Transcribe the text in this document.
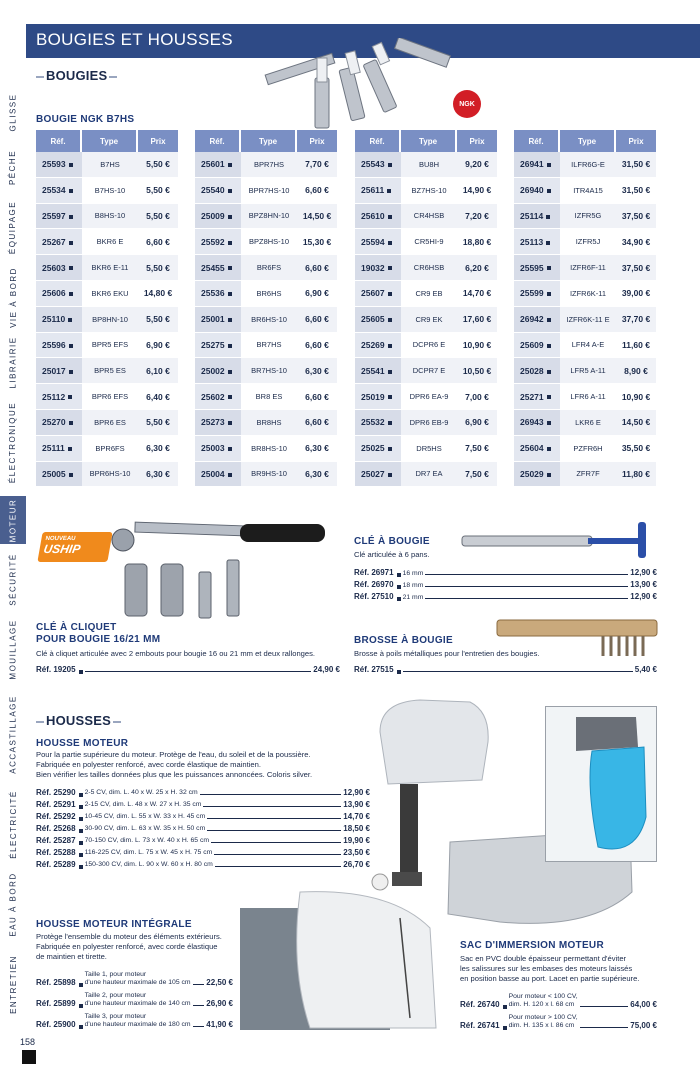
GLISSE
PÊCHE
ÉQUIPAGE
VIE À BORD
LIBRAIRIE
ÉLECTRONIQUE
MOTEUR
SÉCURITÉ
MOUILLAGE
ACCASTILLAGE
ÉLECTRICITÉ
EAU À BORD
ENTRETIEN
BOUGIES ET HOUSSES
BOUGIES
NGK
BOUGIE NGK B7HS
Réf.	Type	Prix
25593	B7HS	5,50 €
25534	B7HS-10	5,50 €
25597	B8HS-10	5,50 €
25267	BKR6 E	6,60 €
25603	BKR6 E-11	5,50 €
25606	BKR6 EKU	14,80 €
25110	BP8HN-10	5,50 €
25596	BPR5 EFS	6,90 €
25017	BPR5 ES	6,10 €
25112	BPR6 EFS	6,40 €
25270	BPR6 ES	5,50 €
25111	BPR6FS	6,30 €
25005	BPR6HS-10	6,30 €
Réf.	Type	Prix
25601	BPR7HS	7,70 €
25540	BPR7HS-10	6,60 €
25009	BPZ8HN-10	14,50 €
25592	BPZ8HS-10	15,30 €
25455	BR6FS	6,60 €
25536	BR6HS	6,90 €
25001	BR6HS-10	6,60 €
25275	BR7HS	6,60 €
25002	BR7HS-10	6,30 €
25602	BR8 ES	6,60 €
25273	BR8HS	6,60 €
25003	BR8HS-10	6,30 €
25004	BR9HS-10	6,30 €
Réf.	Type	Prix
25543	BU8H	9,20 €
25611	BZ7HS-10	14,90 €
25610	CR4HSB	7,20 €
25594	CR5HI-9	18,80 €
19032	CR6HSB	6,20 €
25607	CR9 EB	14,70 €
25605	CR9 EK	17,60 €
25269	DCPR6 E	10,90 €
25541	DCPR7 E	10,50 €
25019	DPR6 EA-9	7,00 €
25532	DPR6 EB-9	6,90 €
25025	DR5HS	7,50 €
25027	DR7 EA	7,50 €
Réf.	Type	Prix
26941	ILFR6G-E	31,50 €
26940	ITR4A15	31,50 €
25114	IZFR5G	37,50 €
25113	IZFR5J	34,90 €
25595	IZFR6F-11	37,50 €
25599	IZFR6K-11	39,00 €
26942	IZFR6K-11 E	37,70 €
25609	LFR4 A-E	11,60 €
25028	LFR5 A-11	8,90 €
25271	LFR6 A-11	10,90 €
26943	LKR6 E	14,50 €
25604	PZFR6H	35,50 €
25029	ZFR7F	11,80 €
NOUVEAU
USHIP
CLÉ À BOUGIE
Clé articulée à 6 pans.
Réf. 26971 16 mm	12,90 €
Réf. 26970 18 mm	13,90 €
Réf. 27510 21 mm	12,90 €
CLÉ À CLIQUET
POUR BOUGIE 16/21 MM
Clé à cliquet articulée avec 2 embouts pour bougie 16 ou 21 mm et deux rallonges.
Réf. 19205	24,90 €
BROSSE À BOUGIE
Brosse à poils métalliques pour l'entretien des bougies.
Réf. 27515	5,40 €
HOUSSES
HOUSSE MOTEUR
Pour la partie supérieure du moteur. Protège de l'eau, du soleil et de la poussière.
Fabriquée en polyester renforcé, avec corde élastique de maintien.
Bien vérifier les tailles données plus que les puissances annoncées. Coloris silver.
Réf. 25290 2-5 CV, dim. L. 40 x W. 25 x H. 32 cm	12,90 €
Réf. 25291 2-15 CV, dim. L. 48 x W. 27 x H. 35 cm	13,90 €
Réf. 25292 10-45 CV, dim. L. 55 x W. 33 x H. 45 cm	14,70 €
Réf. 25268 30-90 CV, dim. L. 63 x W. 35 x H. 50 cm	18,50 €
Réf. 25287 70-150 CV, dim. L. 73 x W. 40 x H. 65 cm	19,90 €
Réf. 25288 116-225 CV, dim. L. 75 x W. 45 x H. 75 cm	23,50 €
Réf. 25289 150-300 CV, dim. L. 90 x W. 60 x H. 80 cm	26,70 €
HOUSSE MOTEUR INTÉGRALE
Protège l'ensemble du moteur des éléments extérieurs.
Fabriquée en polyester renforcé, avec corde élastique
de maintien et tirette.
Réf. 25898
Taille 1, pour moteur
d'une hauteur maximale de 105 cm 22,50 €
Réf. 25899
Taille 2, pour moteur
d'une hauteur maximale de 140 cm 26,90 €
Réf. 25900
Taille 3, pour moteur
d'une hauteur maximale de 180 cm 41,90 €
SAC D'IMMERSION MOTEUR
Sac en PVC double épaisseur permettant d'éviter
les salissures sur les embases des moteurs laissés
en position basse au port. Lacet en partie supérieure.
Réf. 26740
Pour moteur < 100 CV,
dim. H. 120 x l. 68 cm	64,00 €
Réf. 26741
Pour moteur > 100 CV,
dim. H. 135 x l. 86 cm	75,00 €
158
